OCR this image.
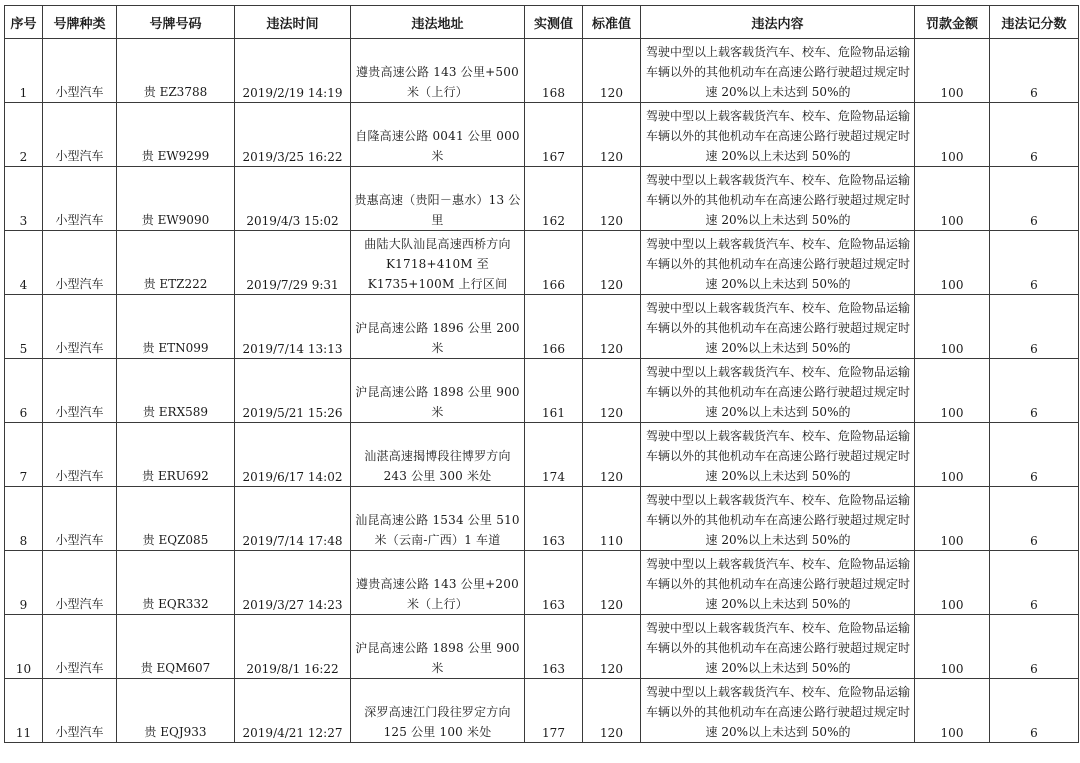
序号	号牌种类	号牌号码	违法时间	违法地址	实测值	标准值	违法内容	罚款金额	违法记分数
1	小型汽车	贵 EZ3788	2019/2/19 14:19	遵贵高速公路 143 公里+500 米（上行）	168	120	驾驶中型以上载客载货汽车、校车、危险物品运输车辆以外的其他机动车在高速公路行驶超过规定时速 20%以上未达到 50%的	100	6
2	小型汽车	贵 EW9299	2019/3/25 16:22	自隆高速公路 0041 公里 000 米	167	120	驾驶中型以上载客载货汽车、校车、危险物品运输车辆以外的其他机动车在高速公路行驶超过规定时速 20%以上未达到 50%的	100	6
3	小型汽车	贵 EW9090	2019/4/3 15:02	贵惠高速（贵阳－惠水）13 公里	162	120	驾驶中型以上载客载货汽车、校车、危险物品运输车辆以外的其他机动车在高速公路行驶超过规定时速 20%以上未达到 50%的	100	6
4	小型汽车	贵 ETZ222	2019/7/29 9:31	曲陆大队汕昆高速西桥方向 K1718+410M 至 K1735+100M 上行区间	166	120	驾驶中型以上载客载货汽车、校车、危险物品运输车辆以外的其他机动车在高速公路行驶超过规定时速 20%以上未达到 50%的	100	6
5	小型汽车	贵 ETN099	2019/7/14 13:13	沪昆高速公路 1896 公里 200 米	166	120	驾驶中型以上载客载货汽车、校车、危险物品运输车辆以外的其他机动车在高速公路行驶超过规定时速 20%以上未达到 50%的	100	6
6	小型汽车	贵 ERX589	2019/5/21 15:26	沪昆高速公路 1898 公里 900 米	161	120	驾驶中型以上载客载货汽车、校车、危险物品运输车辆以外的其他机动车在高速公路行驶超过规定时速 20%以上未达到 50%的	100	6
7	小型汽车	贵 ERU692	2019/6/17 14:02	汕湛高速揭博段往博罗方向 243 公里 300 米处	174	120	驾驶中型以上载客载货汽车、校车、危险物品运输车辆以外的其他机动车在高速公路行驶超过规定时速 20%以上未达到 50%的	100	6
8	小型汽车	贵 EQZ085	2019/7/14 17:48	汕昆高速公路 1534 公里 510 米（云南-广西）1 车道	163	110	驾驶中型以上载客载货汽车、校车、危险物品运输车辆以外的其他机动车在高速公路行驶超过规定时速 20%以上未达到 50%的	100	6
9	小型汽车	贵 EQR332	2019/3/27 14:23	遵贵高速公路 143 公里+200 米（上行）	163	120	驾驶中型以上载客载货汽车、校车、危险物品运输车辆以外的其他机动车在高速公路行驶超过规定时速 20%以上未达到 50%的	100	6
10	小型汽车	贵 EQM607	2019/8/1 16:22	沪昆高速公路 1898 公里 900 米	163	120	驾驶中型以上载客载货汽车、校车、危险物品运输车辆以外的其他机动车在高速公路行驶超过规定时速 20%以上未达到 50%的	100	6
11	小型汽车	贵 EQJ933	2019/4/21 12:27	深罗高速江门段往罗定方向 125 公里 100 米处	177	120	驾驶中型以上载客载货汽车、校车、危险物品运输车辆以外的其他机动车在高速公路行驶超过规定时速 20%以上未达到 50%的	100	6
